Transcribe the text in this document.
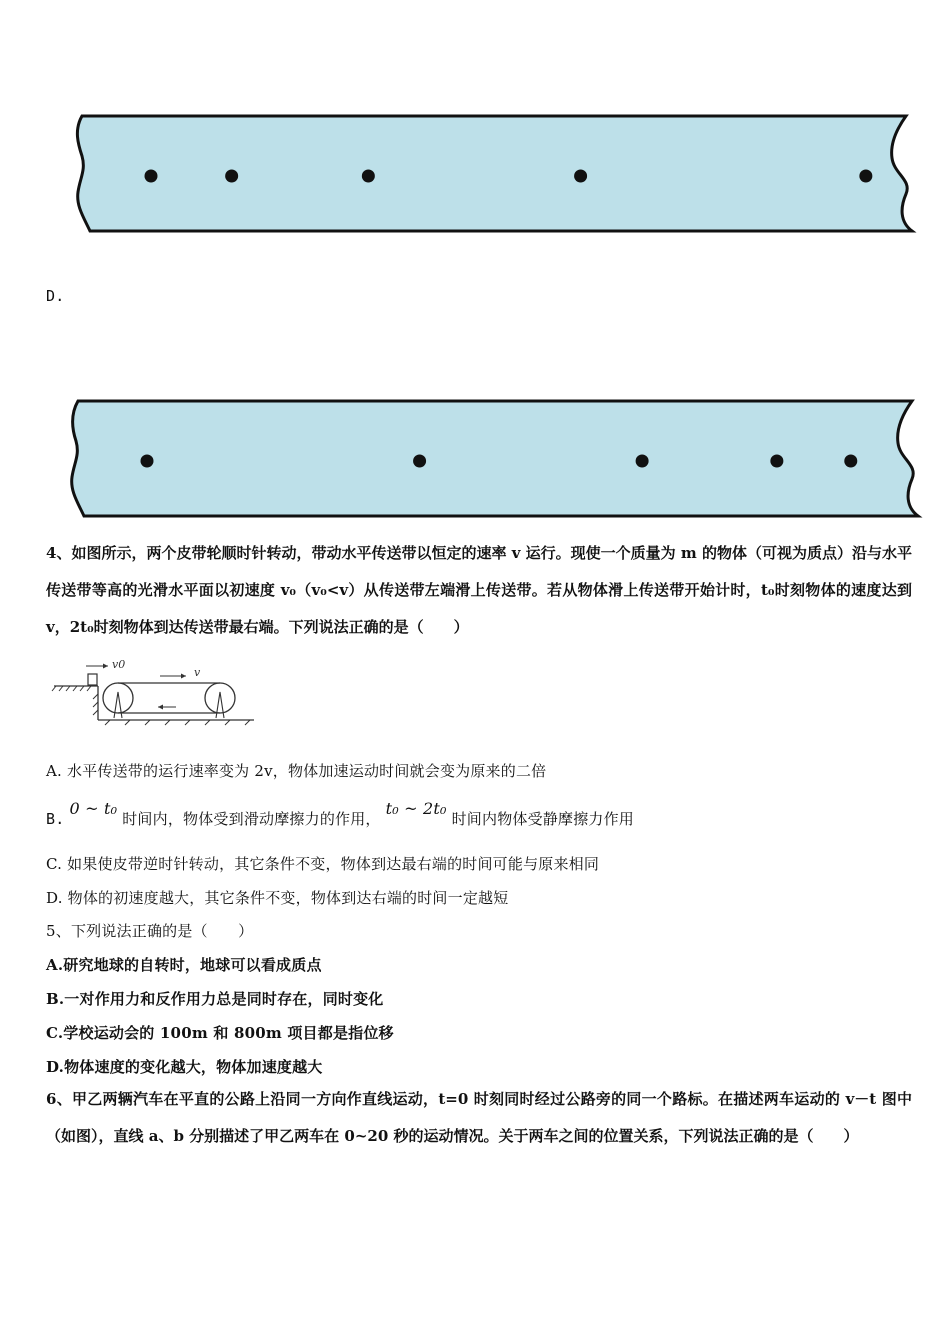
D.
4、如图所示，两个皮带轮顺时针转动，带动水平传送带以恒定的速率 v 运行。现使一个质量为 m 的物体（可视为质点）沿与水平传送带等高的光滑水平面以初速度 v₀（v₀<v）从传送带左端滑上传送带。若从物体滑上传送带开始计时，t₀时刻物体的速度达到 v，2t₀时刻物体到达传送带最右端。下列说法正确的是（　　）
v0
v
A. 水平传送带的运行速率变为 2v，物体加速运动时间就会变为原来的二倍
B. 0 ~ t₀ 时间内，物体受到滑动摩擦力的作用， t₀ ~ 2t₀ 时间内物体受静摩擦力作用
C. 如果使皮带逆时针转动，其它条件不变，物体到达最右端的时间可能与原来相同
D. 物体的初速度越大，其它条件不变，物体到达右端的时间一定越短
5、下列说法正确的是（　　）
A.研究地球的自转时，地球可以看成质点
B.一对作用力和反作用力总是同时存在，同时变化
C.学校运动会的 100m 和 800m 项目都是指位移
D.物体速度的变化越大，物体加速度越大
6、甲乙两辆汽车在平直的公路上沿同一方向作直线运动，t=0 时刻同时经过公路旁的同一个路标。在描述两车运动的 v－t 图中（如图），直线 a、b 分别描述了甲乙两车在 0~20 秒的运动情况。关于两车之间的位置关系，下列说法正确的是（　　）
